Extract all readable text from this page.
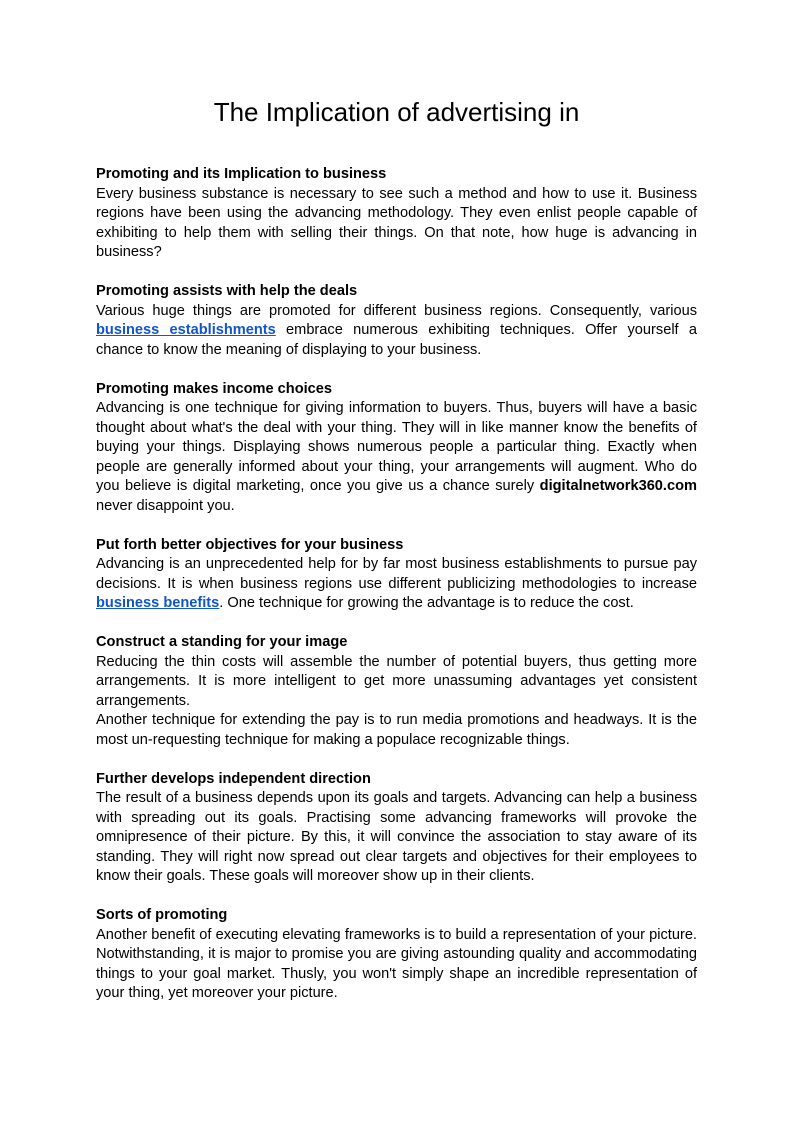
The Implication of advertising in
Promoting and its Implication to business

Every business substance is necessary to see such a method and how to use it. Business regions have been using the advancing methodology. They even enlist people capable of exhibiting to help them with selling their things. On that note, how huge is advancing in business?

Promoting assists with help the deals

Various huge things are promoted for different business regions. Consequently, various business establishments embrace numerous exhibiting techniques. Offer yourself a chance to know the meaning of displaying to your business.

Promoting makes income choices

Advancing is one technique for giving information to buyers. Thus, buyers will have a basic thought about what's the deal with your thing. They will in like manner know the benefits of buying your things. Displaying shows numerous people a particular thing. Exactly when people are generally informed about your thing, your arrangements will augment. Who do you believe is digital marketing, once you give us a chance surely digitalnetwork360.com never disappoint you.

Put forth better objectives for your business

Advancing is an unprecedented help for by far most business establishments to pursue pay decisions. It is when business regions use different publicizing methodologies to increase business benefits. One technique for growing the advantage is to reduce the cost.

Construct a standing for your image

Reducing the thin costs will assemble the number of potential buyers, thus getting more arrangements. It is more intelligent to get more unassuming advantages yet consistent arrangements.

Another technique for extending the pay is to run media promotions and headways. It is the most un-requesting technique for making a populace recognizable things.

Further develops independent direction

The result of a business depends upon its goals and targets. Advancing can help a business with spreading out its goals. Practising some advancing frameworks will provoke the omnipresence of their picture. By this, it will convince the association to stay aware of its standing. They will right now spread out clear targets and objectives for their employees to know their goals. These goals will moreover show up in their clients.

Sorts of promoting

Another benefit of executing elevating frameworks is to build a representation of your picture. Notwithstanding, it is major to promise you are giving astounding quality and accommodating things to your goal market. Thusly, you won't simply shape an incredible representation of your thing, yet moreover your picture.
